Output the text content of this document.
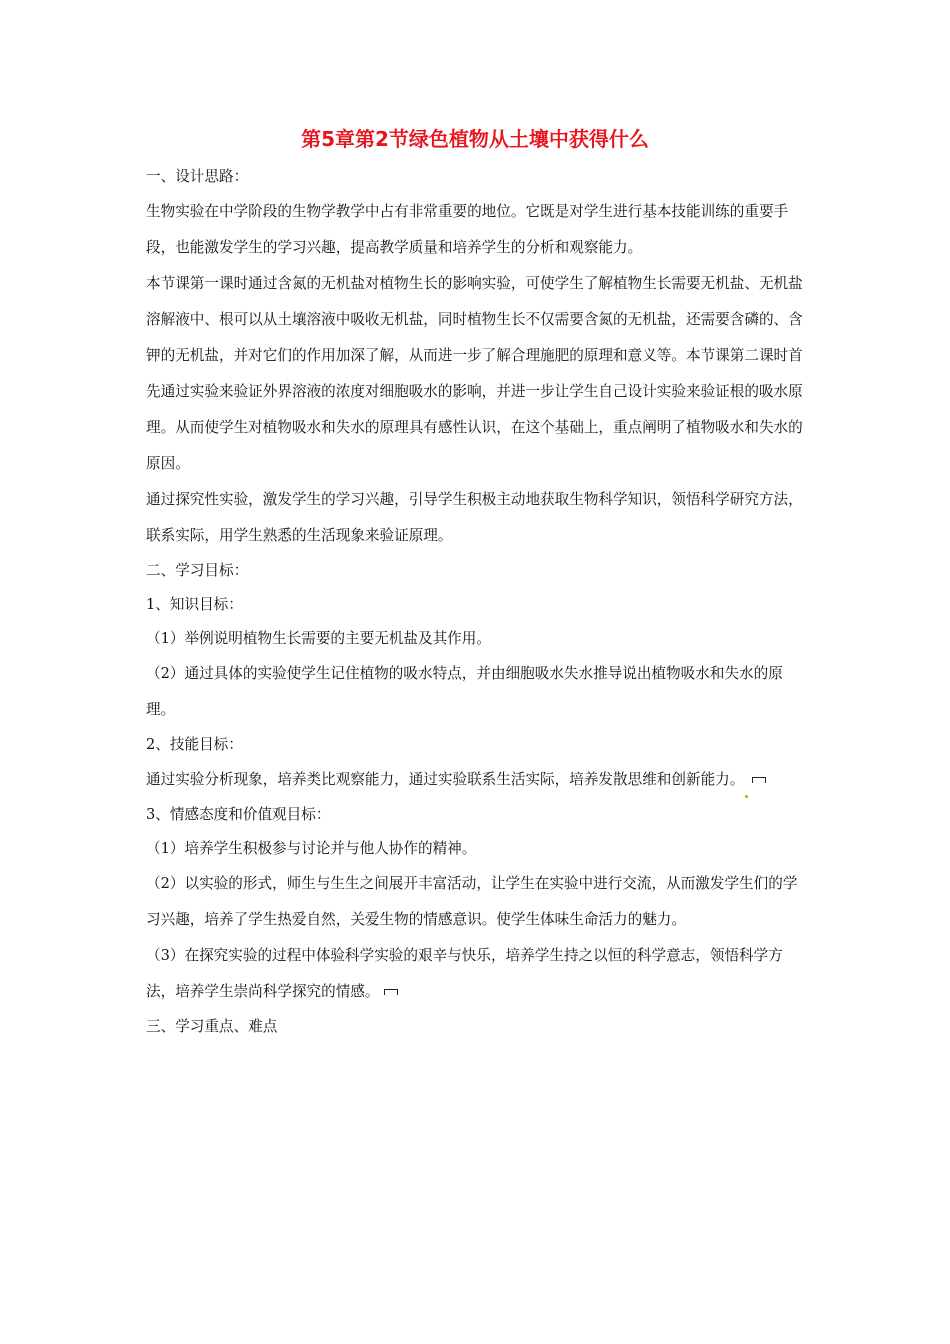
第5章第2节绿色植物从土壤中获得什么

一、设计思路：

生物实验在中学阶段的生物学教学中占有非常重要的地位。它既是对学生进行基本技能训练的重要手段，也能激发学生的学习兴趣，提高教学质量和培养学生的分析和观察能力。

本节课第一课时通过含氮的无机盐对植物生长的影响实验，可使学生了解植物生长需要无机盐、无机盐溶解液中、根可以从土壤溶液中吸收无机盐，同时植物生长不仅需要含氮的无机盐，还需要含磷的、含钾的无机盐，并对它们的作用加深了解，从而进一步了解合理施肥的原理和意义等。本节课第二课时首先通过实验来验证外界溶液的浓度对细胞吸水的影响，并进一步让学生自己设计实验来验证根的吸水原理。从而使学生对植物吸水和失水的原理具有感性认识，在这个基础上，重点阐明了植物吸水和失水的原因。

通过探究性实验，激发学生的学习兴趣，引导学生积极主动地获取生物科学知识，领悟科学研究方法，联系实际，用学生熟悉的生活现象来验证原理。

二、学习目标：

1、知识目标：

（1）举例说明植物生长需要的主要无机盐及其作用。

（2）通过具体的实验使学生记住植物的吸水特点，并由细胞吸水失水推导说出植物吸水和失水的原理。

2、技能目标：

通过实验分析现象，培养类比观察能力，通过实验联系生活实际，培养发散思维和创新能力。

3、情感态度和价值观目标：

（1）培养学生积极参与讨论并与他人协作的精神。

（2）以实验的形式，师生与生生之间展开丰富活动，让学生在实验中进行交流，从而激发学生们的学习兴趣，培养了学生热爱自然，关爱生物的情感意识。使学生体味生命活力的魅力。

（3）在探究实验的过程中体验科学实验的艰辛与快乐，培养学生持之以恒的科学意志，领悟科学方法，培养学生崇尚科学探究的情感。

三、学习重点、难点
